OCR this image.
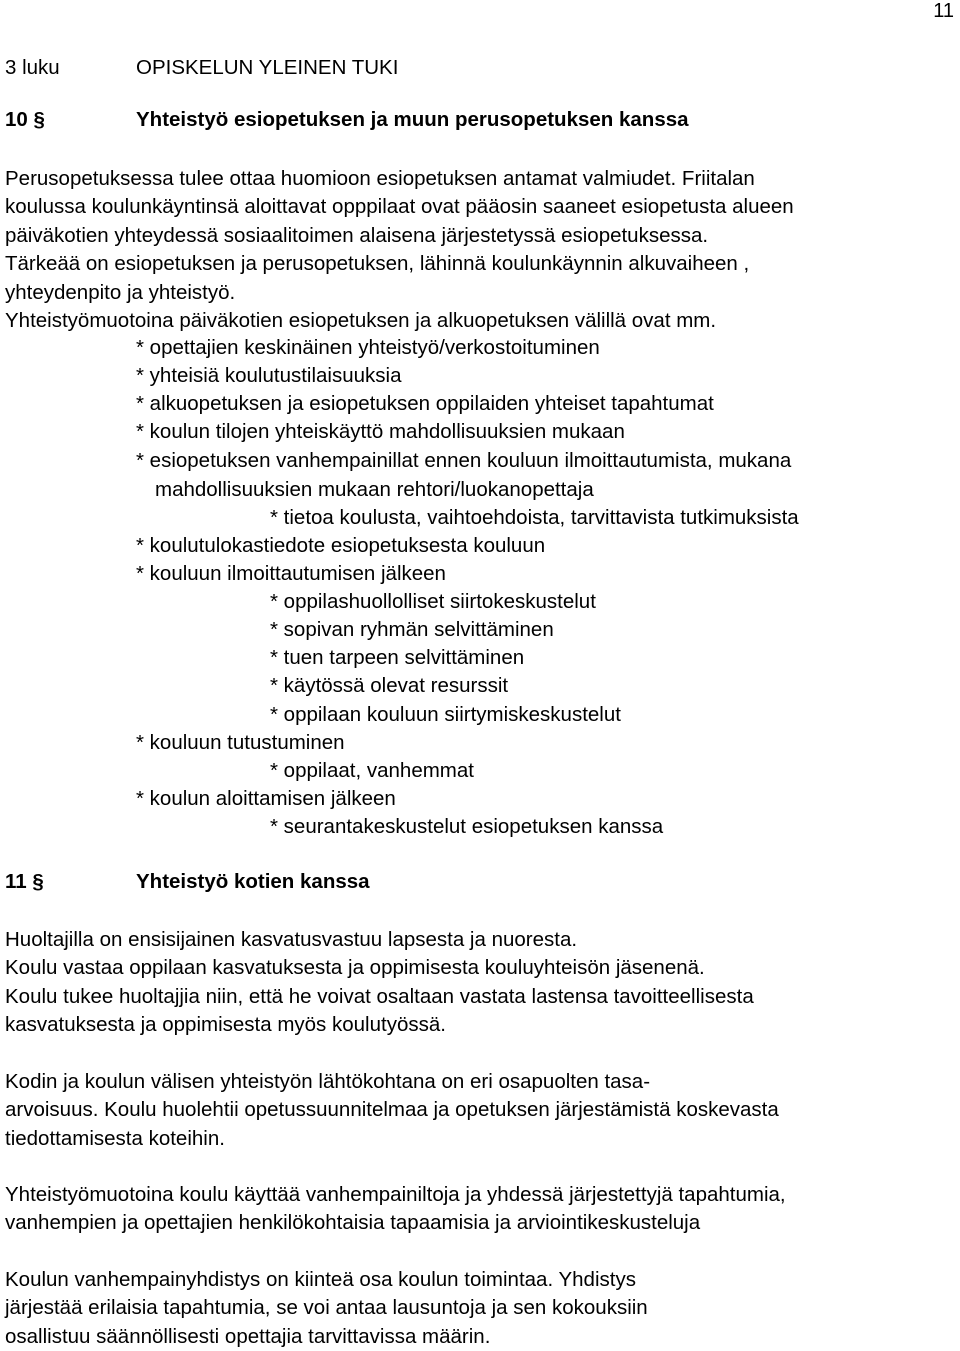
11
3 luku	OPISKELUN YLEINEN TUKI
10 §	Yhteistyö esiopetuksen ja muun perusopetuksen kanssa
Perusopetuksessa tulee ottaa huomioon esiopetuksen antamat valmiudet. Friitalan
koulussa koulunkäyntinsä aloittavat opppilaat ovat pääosin saaneet esiopetusta alueen
päiväkotien yhteydessä sosiaalitoimen alaisena järjestetyssä esiopetuksessa.
Tärkeää on esiopetuksen ja perusopetuksen, lähinnä koulunkäynnin alkuvaiheen ,
yhteydenpito ja yhteistyö.
Yhteistyömuotoina päiväkotien esiopetuksen ja alkuopetuksen välillä ovat mm.
* opettajien keskinäinen yhteistyö/verkostoituminen
* yhteisiä koulutustilaisuuksia
* alkuopetuksen ja esiopetuksen oppilaiden yhteiset tapahtumat
* koulun tilojen yhteiskäyttö mahdollisuuksien mukaan
* esiopetuksen vanhempainillat ennen kouluun ilmoittautumista, mukana
mahdollisuuksien mukaan rehtori/luokanopettaja
* tietoa koulusta, vaihtoehdoista, tarvittavista tutkimuksista
* koulutulokastiedote esiopetuksesta kouluun
* kouluun ilmoittautumisen jälkeen
* oppilashuollolliset siirtokeskustelut
* sopivan ryhmän selvittäminen
* tuen tarpeen selvittäminen
* käytössä olevat resurssit
* oppilaan kouluun siirtymiskeskustelut
* kouluun tutustuminen
* oppilaat, vanhemmat
* koulun aloittamisen jälkeen
* seurantakeskustelut esiopetuksen kanssa
11 §	Yhteistyö kotien kanssa
Huoltajilla on ensisijainen kasvatusvastuu lapsesta ja nuoresta.
Koulu vastaa oppilaan kasvatuksesta ja oppimisesta kouluyhteisön jäsenenä.
Koulu tukee huoltajjia niin, että he voivat osaltaan vastata lastensa tavoitteellisesta
kasvatuksesta ja oppimisesta myös koulutyössä.
Kodin ja koulun välisen yhteistyön lähtökohtana on eri osapuolten tasa-
arvoisuus. Koulu huolehtii opetussuunnitelmaa ja opetuksen järjestämistä koskevasta
tiedottamisesta koteihin.
Yhteistyömuotoina koulu käyttää vanhempainiltoja ja yhdessä järjestettyjä tapahtumia,
vanhempien ja opettajien henkilökohtaisia tapaamisia ja arviointikeskusteluja
Koulun vanhempainyhdistys on kiinteä osa koulun toimintaa. Yhdistys
järjestää erilaisia tapahtumia, se voi antaa lausuntoja ja sen kokouksiin
osallistuu säännöllisesti opettajia tarvittavissa määrin.
